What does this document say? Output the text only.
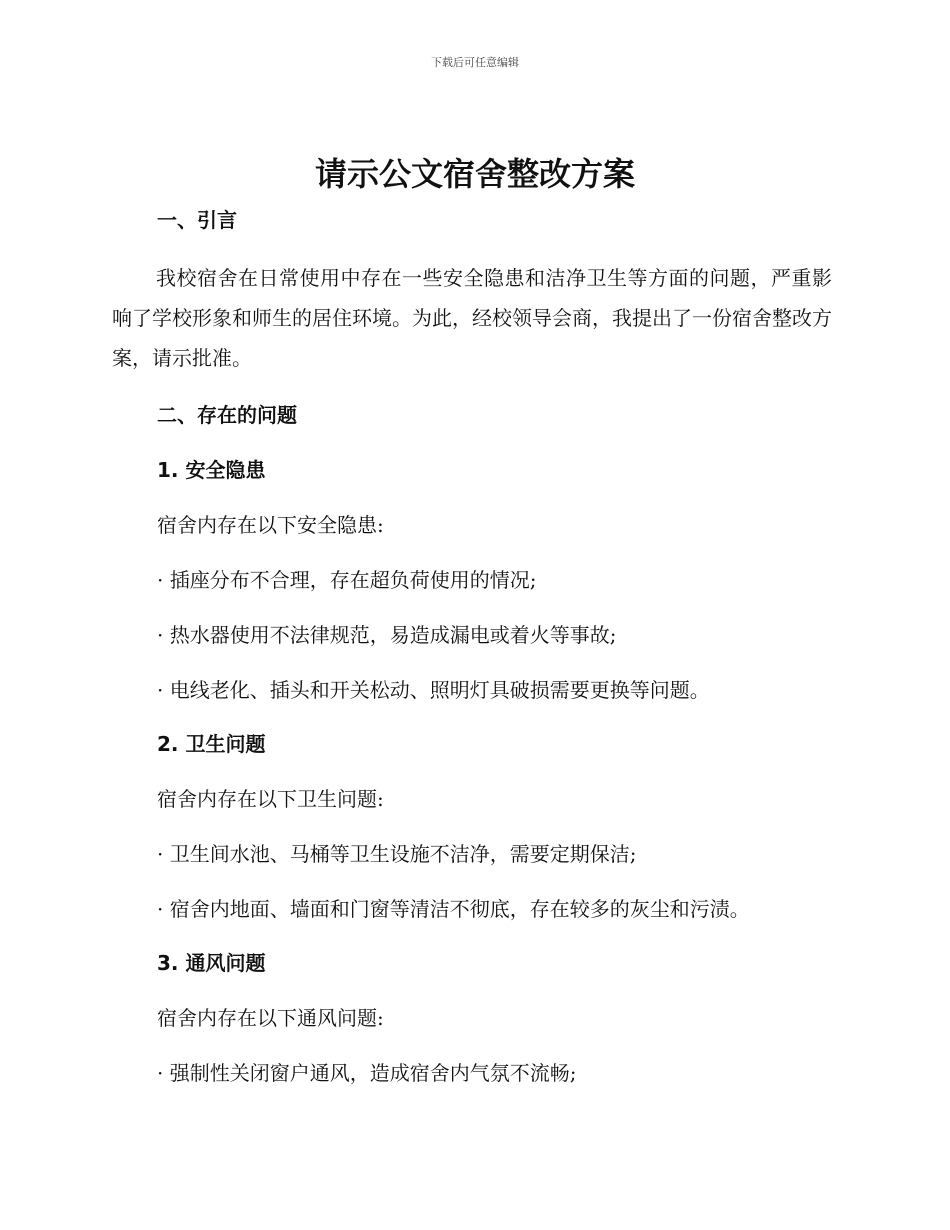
下载后可任意编辑
请示公文宿舍整改方案
一、引言

我校宿舍在日常使用中存在一些安全隐患和洁净卫生等方面的问题，严重影响了学校形象和师生的居住环境。为此，经校领导会商，我提出了一份宿舍整改方案，请示批准。

二、存在的问题
1. 安全隐患

宿舍内存在以下安全隐患:

· 插座分布不合理，存在超负荷使用的情况;

· 热水器使用不法律规范，易造成漏电或着火等事故;

· 电线老化、插头和开关松动、照明灯具破损需要更换等问题。

2. 卫生问题

宿舍内存在以下卫生问题:

· 卫生间水池、马桶等卫生设施不洁净，需要定期保洁;

· 宿舍内地面、墙面和门窗等清洁不彻底，存在较多的灰尘和污渍。

3. 通风问题

宿舍内存在以下通风问题:

· 强制性关闭窗户通风，造成宿舍内气氛不流畅;
